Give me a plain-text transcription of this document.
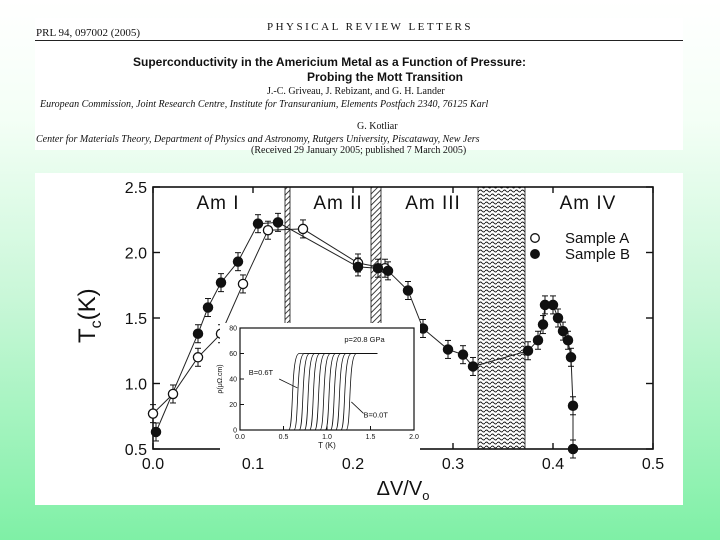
PRL 94, 097002 (2005)	PHYSICAL REVIEW LETTERS
Superconductivity in the Americium Metal as a Function of Pressure:
Probing the Mott Transition
J.-C. Griveau, J. Rebizant, and G. H. Lander
European Commission, Joint Research Centre, Institute for Transuranium, Elements Postfach 2340, 76125 Karl
G. Kotliar
Center for Materials Theory, Department of Physics and Astronomy, Rutgers University, Piscataway, New Jers
(Received 29 January 2005; published 7 March 2005)
0.0	0.1	0.2	0.3	0.4	0.5
0.5
1.0
1.5
2.0
2.5
Am I	Am II Am III	Am IV
Sample A
Sample B
0.0	0.5	1.0	1.5	2.0
0
20
40
60
80
T (K)
ρ(μΩ.cm)
p=20.8 GPa
B=0.6T
B=0.0T
$T_c(K)$
$\Delta V/V_o$
